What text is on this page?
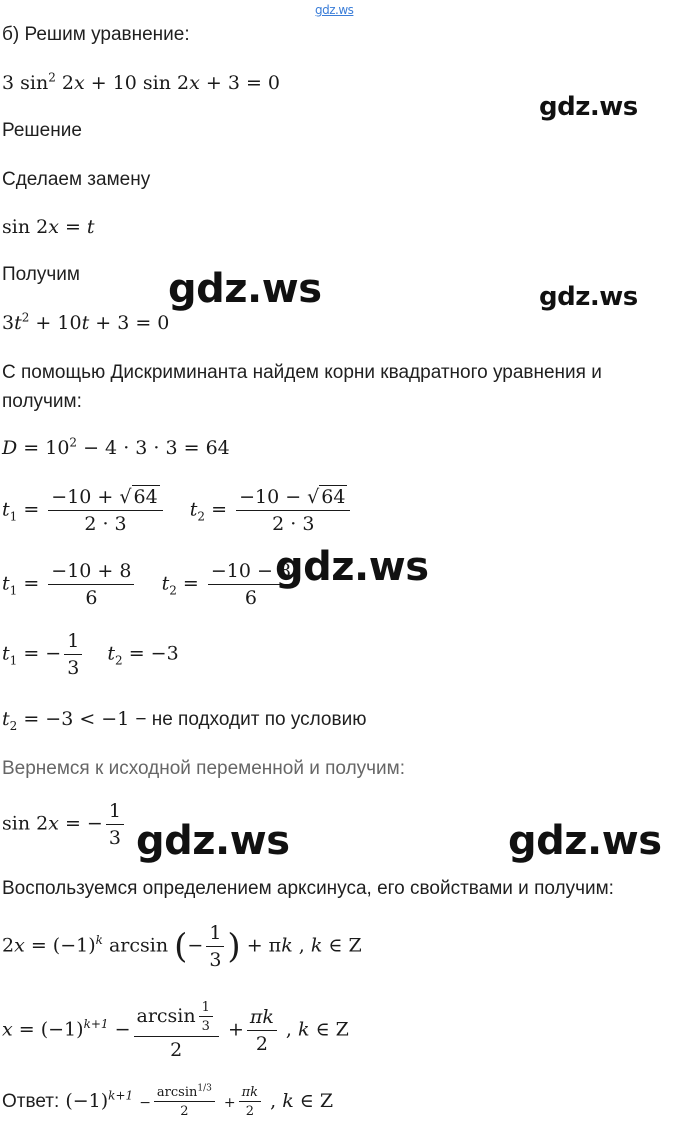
gdz.ws
б) Решим уравнение:
3 $\sin^2 2x + 10$ sin 2x + 3 = 0
gdz.ws
Решение
Сделаем замену
sin 2x = t
Получим gdz.ws	gdz.ws
$3t^2 + 10t + 3 = 0$
С помощью Дискриминанта найдем корни квадратного уравнения и
получим:
$D = 10^2 - 4 \cdot 3 \cdot 3 = 64$
$t_1 = \frac{-10 + √ 64}{2 \cdot 3} t_2 = \frac{-10 - √ 64}{2 \cdot 3}$
$t_1 = \frac{-10 + 8}{6} t_2 = \frac{-10 - 8}{6}$
gdz.ws
$t_1$ = − $\frac{1}{3} t_2 = -3$
$t_2 = -3 < -1$ − не подходит по условию
Вернемся к исходной переменной и получим:
sin 2x = − $\frac{1}{3} gdz.ws$	gdz.ws
Воспользуемся определением арксинуса, его свойствами и получим:
$2x = (-1)^k$ arcsin (− $\frac{1}{3}$ ) + πk , k ∈ Z
$x = (-1)^{k+1} - \frac{\arcsin \frac{1}{3}}{2} + \frac{\pi k}{2}$ , k ∈ Z
Ответ: $(-1)^{k+1} - \frac{\arcsin^{1/3}}{2} + \frac{\pi k}{2}$ , k ∈ Z
